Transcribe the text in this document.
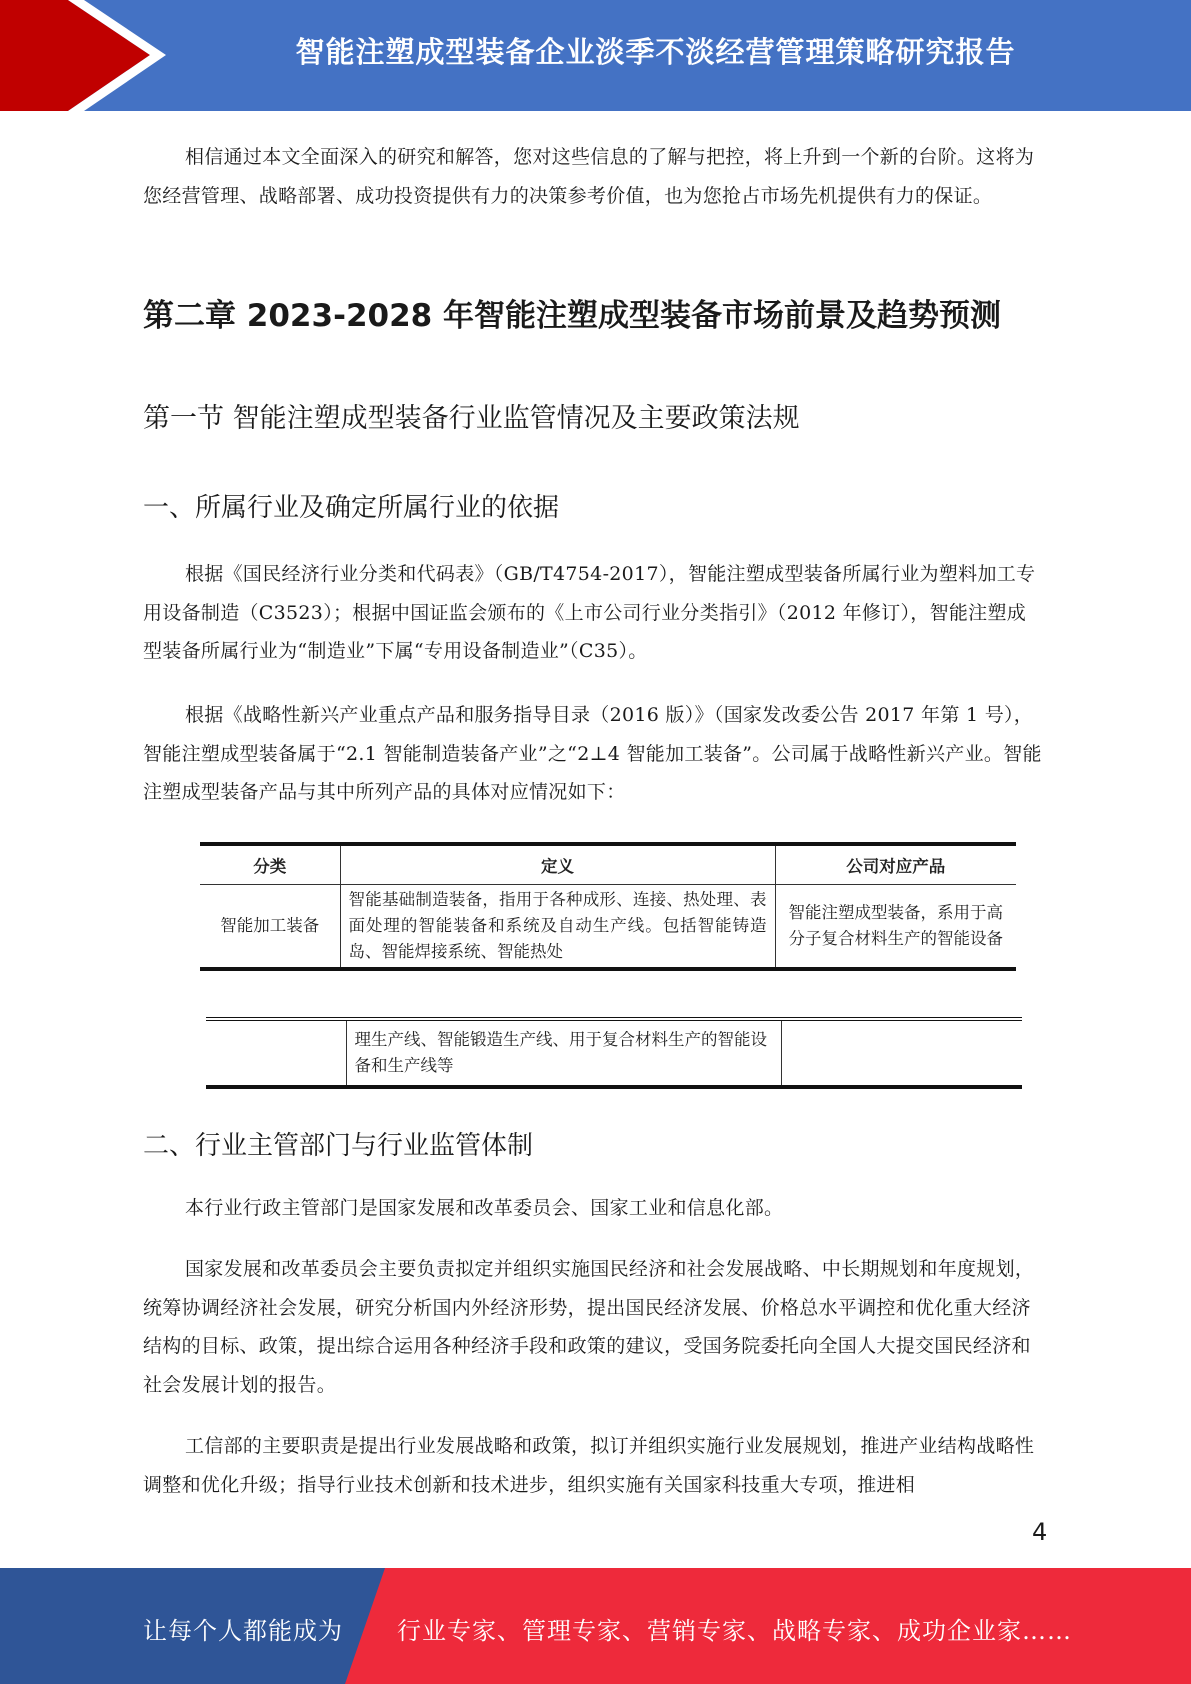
智能注塑成型装备企业淡季不淡经营管理策略研究报告

相信通过本文全面深入的研究和解答，您对这些信息的了解与把控，将上升到一个新的台阶。这将为您经营管理、战略部署、成功投资提供有力的决策参考价值，也为您抢占市场先机提供有力的保证。

第二章 2023-2028 年智能注塑成型装备市场前景及趋势预测
第一节 智能注塑成型装备行业监管情况及主要政策法规
一、所属行业及确定所属行业的依据

根据《国民经济行业分类和代码表》（GB/T4754-2017），智能注塑成型装备所属行业为塑料加工专用设备制造（C3523）；根据中国证监会颁布的《上市公司行业分类指引》（2012 年修订），智能注塑成型装备所属行业为“制造业”下属“专用设备制造业”（C35）。

根据《战略性新兴产业重点产品和服务指导目录（2016 版）》（国家发改委公告 2017 年第 1 号），智能注塑成型装备属于“2.1 智能制造装备产业”之“2⊥4 智能加工装备”。公司属于战略性新兴产业。智能注塑成型装备产品与其中所列产品的具体对应情况如下：

分类	定义	公司对应产品
智能加工装备	智能基础制造装备，指用于各种成形、连接、热处理、表面处理的智能装备和系统及自动生产线。包括智能铸造岛、智能焊接系统、智能热处	智能注塑成型装备，系用于高分子复合材料生产的智能设备
	理生产线、智能锻造生产线、用于复合材料生产的智能设备和生产线等	
二、行业主管部门与行业监管体制

本行业行政主管部门是国家发展和改革委员会、国家工业和信息化部。

国家发展和改革委员会主要负责拟定并组织实施国民经济和社会发展战略、中长期规划和年度规划，统筹协调经济社会发展，研究分析国内外经济形势，提出国民经济发展、价格总水平调控和优化重大经济结构的目标、政策，提出综合运用各种经济手段和政策的建议，受国务院委托向全国人大提交国民经济和社会发展计划的报告。

工信部的主要职责是提出行业发展战略和政策，拟订并组织实施行业发展规划，推进产业结构战略性调整和优化升级；指导行业技术创新和技术进步，组织实施有关国家科技重大专项，推进相

4
让每个人都能成为 行业专家、管理专家、营销专家、战略专家、成功企业家……
